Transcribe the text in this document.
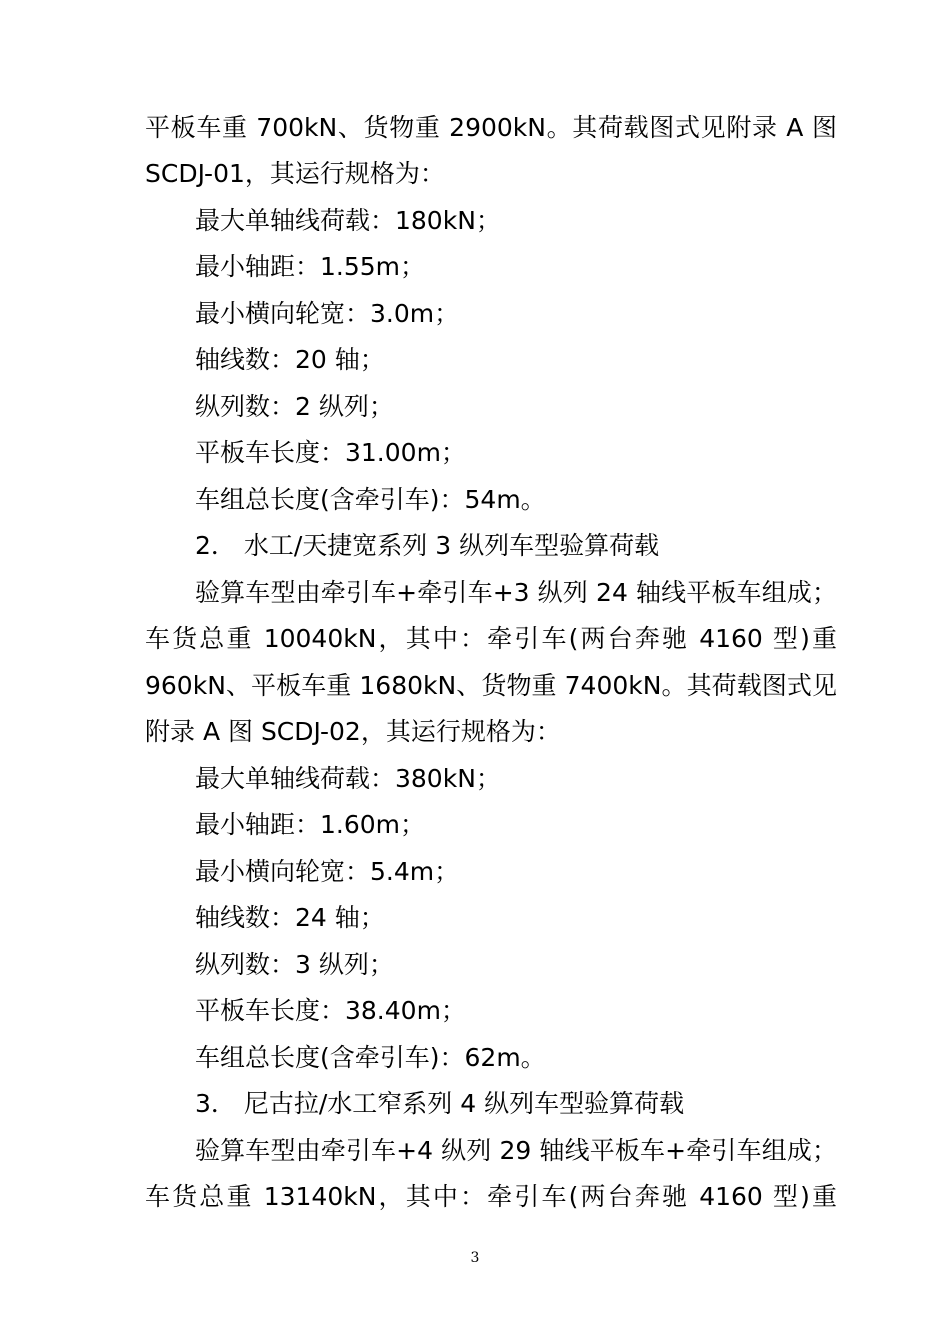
平板车重 700kN、货物重 2900kN。其荷载图式见附录 A 图
SCDJ-01，其运行规格为：
最大单轴线荷载：180kN；
最小轴距：1.55m；
最小横向轮宽：3.0m；
轴线数：20 轴；
纵列数：2 纵列；
平板车长度：31.00m；
车组总长度(含牵引车)：54m。
2． 水工/天捷宽系列 3 纵列车型验算荷载
验算车型由牵引车+牵引车+3 纵列 24 轴线平板车组成；
车货总重 10040kN，其中：牵引车(两台奔驰 4160 型)重
960kN、平板车重 1680kN、货物重 7400kN。其荷载图式见
附录 A 图 SCDJ-02，其运行规格为：
最大单轴线荷载：380kN；
最小轴距：1.60m；
最小横向轮宽：5.4m；
轴线数：24 轴；
纵列数：3 纵列；
平板车长度：38.40m；
车组总长度(含牵引车)：62m。
3． 尼古拉/水工窄系列 4 纵列车型验算荷载
验算车型由牵引车+4 纵列 29 轴线平板车+牵引车组成；
车货总重 13140kN，其中：牵引车(两台奔驰 4160 型)重
3
